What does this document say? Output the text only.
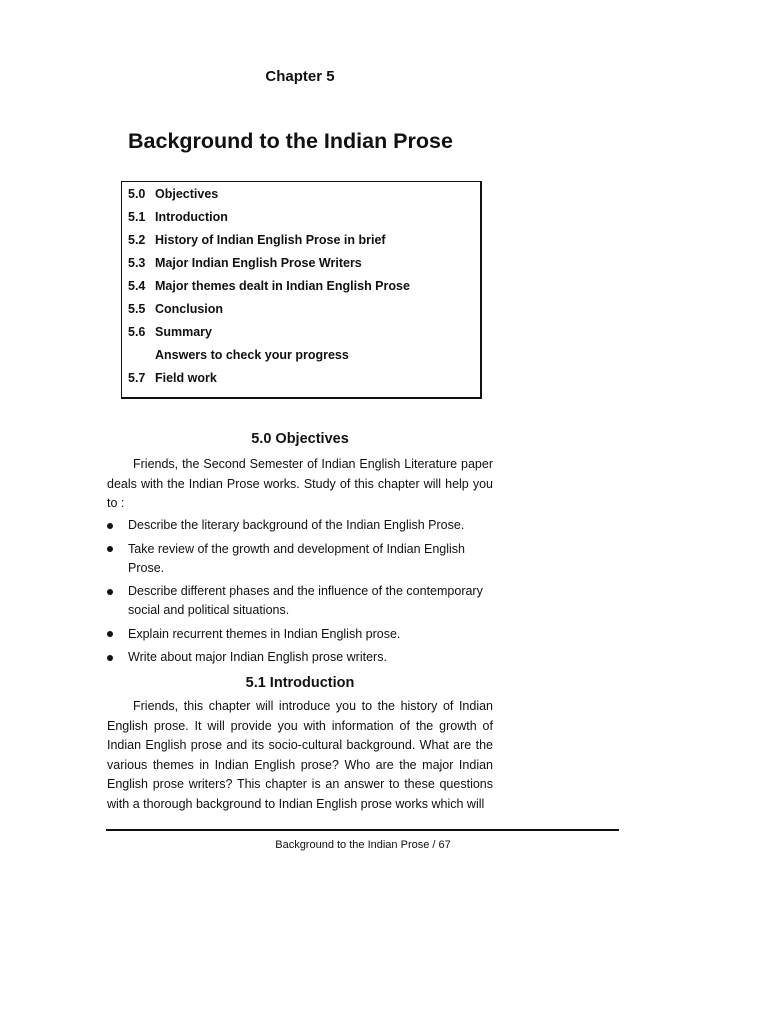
Chapter 5
Background to the Indian Prose
5.0 Objectives
5.1 Introduction
5.2 History of Indian English Prose in brief
5.3 Major Indian English Prose Writers
5.4 Major themes dealt in Indian English Prose
5.5 Conclusion
5.6 Summary
Answers to check your progress
5.7 Field work
5.0 Objectives

Friends, the Second Semester of Indian English Literature paper deals with the Indian Prose works. Study of this chapter will help you to :

Describe the literary background of the Indian English Prose.
Take review of the growth and development of Indian English Prose.
Describe different phases and the influence of the contemporary social and political situations.
Explain recurrent themes in Indian English prose.
Write about major Indian English prose writers.
5.1 Introduction

Friends, this chapter will introduce you to the history of Indian English prose. It will provide you with information of the growth of Indian English prose and its socio-cultural background. What are the various themes in Indian English prose? Who are the major Indian English prose writers? This chapter is an answer to these questions with a thorough background to Indian English prose works which will

Background to the Indian Prose / 67
